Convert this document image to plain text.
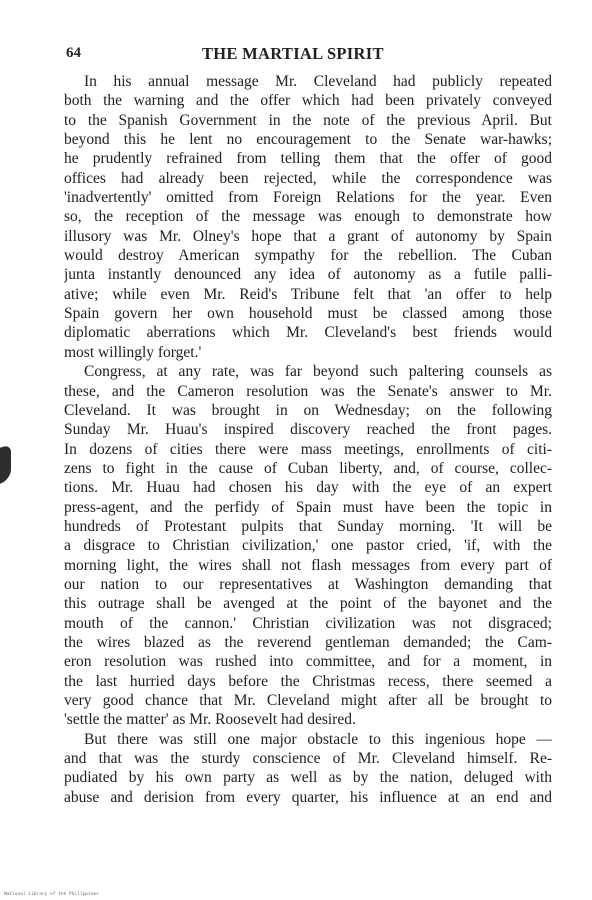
64	THE MARTIAL SPIRIT
In his annual message Mr. Cleveland had publicly repeated
both the warning and the offer which had been privately conveyed
to the Spanish Government in the note of the previous April. But
beyond this he lent no encouragement to the Senate war-hawks;
he prudently refrained from telling them that the offer of good
offices had already been rejected, while the correspondence was
'inadvertently' omitted from Foreign Relations for the year. Even
so, the reception of the message was enough to demonstrate how
illusory was Mr. Olney's hope that a grant of autonomy by Spain
would destroy American sympathy for the rebellion. The Cuban
junta instantly denounced any idea of autonomy as a futile palli-
ative; while even Mr. Reid's Tribune felt that 'an offer to help
Spain govern her own household must be classed among those
diplomatic aberrations which Mr. Cleveland's best friends would
most willingly forget.'
Congress, at any rate, was far beyond such paltering counsels as
these, and the Cameron resolution was the Senate's answer to Mr.
Cleveland. It was brought in on Wednesday; on the following
Sunday Mr. Huau's inspired discovery reached the front pages.
In dozens of cities there were mass meetings, enrollments of citi-
zens to fight in the cause of Cuban liberty, and, of course, collec-
tions. Mr. Huau had chosen his day with the eye of an expert
press-agent, and the perfidy of Spain must have been the topic in
hundreds of Protestant pulpits that Sunday morning. 'It will be
a disgrace to Christian civilization,' one pastor cried, 'if, with the
morning light, the wires shall not flash messages from every part of
our nation to our representatives at Washington demanding that
this outrage shall be avenged at the point of the bayonet and the
mouth of the cannon.' Christian civilization was not disgraced;
the wires blazed as the reverend gentleman demanded; the Cam-
eron resolution was rushed into committee, and for a moment, in
the last hurried days before the Christmas recess, there seemed a
very good chance that Mr. Cleveland might after all be brought to
'settle the matter' as Mr. Roosevelt had desired.
But there was still one major obstacle to this ingenious hope —
and that was the sturdy conscience of Mr. Cleveland himself. Re-
pudiated by his own party as well as by the nation, deluged with
abuse and derision from every quarter, his influence at an end and
National Library of the Philippines
